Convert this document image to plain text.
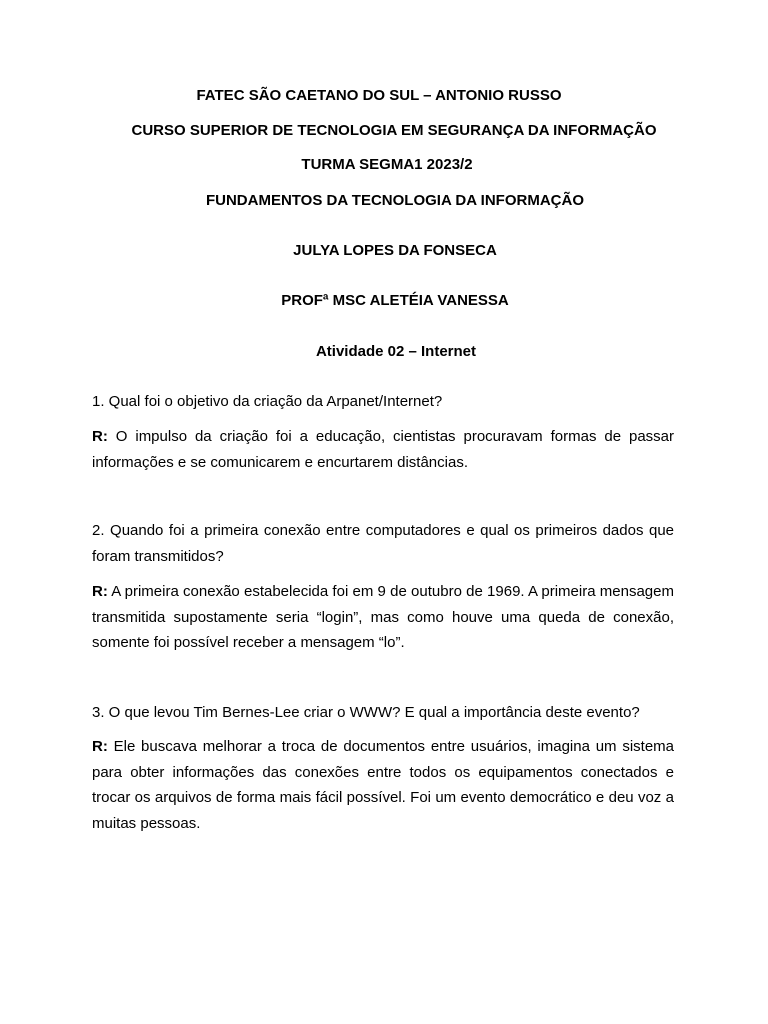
FATEC SÃO CAETANO DO SUL – ANTONIO RUSSO
CURSO SUPERIOR DE TECNOLOGIA EM SEGURANÇA DA INFORMAÇÃO
TURMA SEGMA1 2023/2
FUNDAMENTOS DA TECNOLOGIA DA INFORMAÇÃO
JULYA LOPES DA FONSECA
PROFª MSC ALETÉIA VANESSA
Atividade 02 – Internet

1. Qual foi o objetivo da criação da Arpanet/Internet?

R: O impulso da criação foi a educação, cientistas procuravam formas de passar informações e se comunicarem e encurtarem distâncias.

2. Quando foi a primeira conexão entre computadores e qual os primeiros dados que foram transmitidos?

R: A primeira conexão estabelecida foi em 9 de outubro de 1969. A primeira mensagem transmitida supostamente seria “login”, mas como houve uma queda de conexão, somente foi possível receber a mensagem “lo”.

3. O que levou Tim Bernes-Lee criar o WWW? E qual a importância deste evento?

R: Ele buscava melhorar a troca de documentos entre usuários, imagina um sistema para obter informações das conexões entre todos os equipamentos conectados e trocar os arquivos de forma mais fácil possível. Foi um evento democrático e deu voz a muitas pessoas.
